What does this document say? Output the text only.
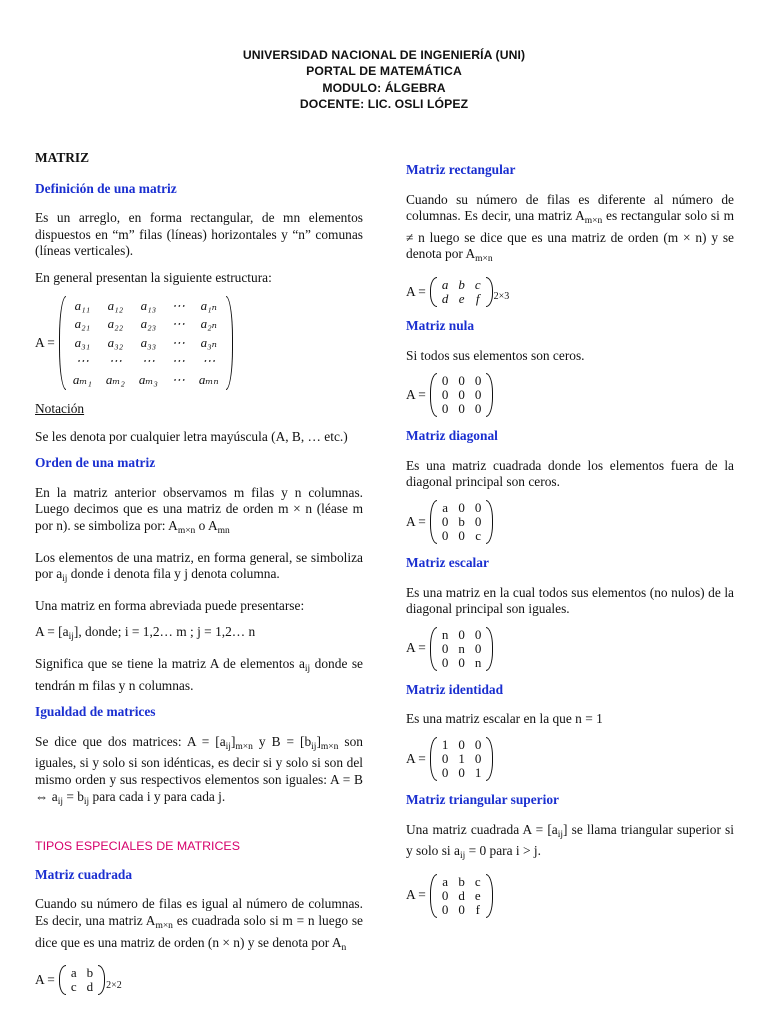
UNIVERSIDAD NACIONAL DE INGENIERÍA (UNI)
PORTAL DE MATEMÁTICA
MODULO: ÁLGEBRA
DOCENTE: LIC. OSLI LÓPEZ
MATRIZ
Definición de una matriz

Es un arreglo, en forma rectangular, de mn elementos dispuestos en “m” filas (líneas) horizontales y “n” comunas (líneas verticales).

En general presentan la siguiente estructura:

A =
a₁₁	a₁₂	a₁₃	⋯	a₁ₙ
a₂₁	a₂₂	a₂₃	⋯	a₂ₙ
a₃₁	a₃₂	a₃₃	⋯	a₃ₙ
⋯	⋯	⋯	⋯	⋯
aₘ₁	aₘ₂	aₘ₃	⋯	aₘₙ

Notación

Se les denota por cualquier letra mayúscula (A, B, … etc.)

Orden de una matriz

En la matriz anterior observamos m filas y n columnas. Luego decimos que es una matriz de orden m × n (léase m por n). se simboliza por: $A_{m\times n}$ o $A_{mn}$

Los elementos de una matriz, en forma general, se simboliza por $a_{ij}$ donde i denota fila y j denota columna.

Una matriz en forma abreviada puede presentarse:

$A = [a_{ij}]$, donde; i = 1,2… m ; j = 1,2… n

Significa que se tiene la matriz A de elementos $a_{ij}$ donde se tendrán m filas y n columnas.

Igualdad de matrices

Se dice que dos matrices: $A = [a_{ij}]_{m\times n}$ y $B = [b_{ij}]_{m\times n}$ son iguales, si y solo si son idénticas, es decir si y solo si son del mismo orden y sus respectivos elementos son iguales: A = B ⇔ $a_{ij} = b_{ij}$ para cada i y para cada j.

TIPOS ESPECIALES DE MATRICES
Matriz cuadrada

Cuando su número de filas es igual al número de columnas. Es decir, una matriz $A_{m\times n}$ es cuadrada solo si m = n luego se dice que es una matriz de orden (n × n) y se denota por $A_n$

A = a	b
c	d 2×2
Matriz rectangular

Cuando su número de filas es diferente al número de columnas. Es decir, una matriz $A_{m\times n}$ es rectangular solo si m ≠ n luego se dice que es una matriz de orden (m × n) y se denota por $A_{m\times n}$

A = a	b	c
d	e	f 2×3
Matriz nula

Si todos sus elementos son ceros.

A =
0	0	0
0	0	0
0	0	0
Matriz diagonal

Es una matriz cuadrada donde los elementos fuera de la diagonal principal son ceros.

A =
a	0	0
0	b	0
0	0	c
Matriz escalar

Es una matriz en la cual todos sus elementos (no nulos) de la diagonal principal son iguales.

A =
n	0	0
0	n	0
0	0	n
Matriz identidad

Es una matriz escalar en la que n = 1

A =
1	0	0
0	1	0
0	0	1
Matriz triangular superior

Una matriz cuadrada $A = [a_{ij}]$ se llama triangular superior si y solo si $a_{ij} = 0$ para i > j.

A =
a	b	c
0	d	e
0	0	f
